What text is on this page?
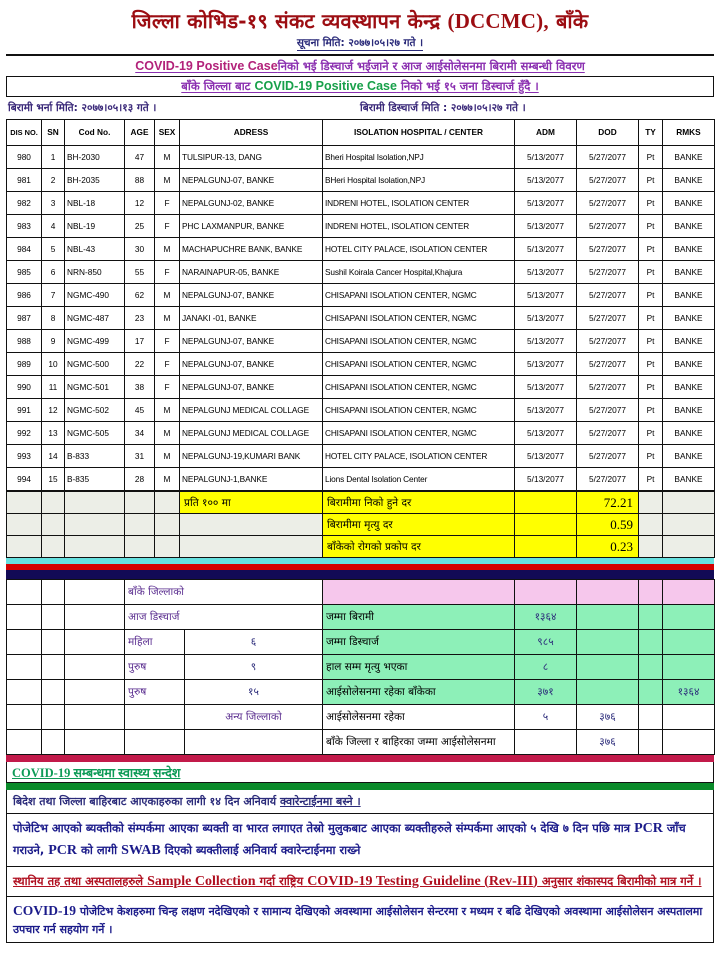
जिल्ला कोभिड-१९ संकट व्यवस्थापन केन्द्र (DCCMC), बाँके
सूचना मिति: २०७७।०५।२७ गते ।
COVID-19 Positive Caseनिको भई डिस्चार्ज भईजाने र आज आईसोलेसनमा बिरामी सम्बन्धी विवरण
बाँके जिल्ला बाट COVID-19 Positive Case निको भई १५ जना डिस्चार्ज हुँदै ।
बिरामी भर्ना मिति: २०७७।०५।१३ गते ।	बिरामी डिस्चार्ज मिति : २०७७।०५।२७ गते ।
DIS NO.	SN	Cod No.	AGE	SEX	ADRESS	ISOLATION HOSPITAL / CENTER	ADM	DOD	TY	RMKS
980	1	BH-2030	47	M	TULSIPUR-13, DANG	Bheri Hospital Isolation,NPJ	5/13/2077	5/27/2077	Pt	BANKE
981	2	BH-2035	88	M	NEPALGUNJ-07, BANKE	BHeri Hospital Isolation,NPJ	5/13/2077	5/27/2077	Pt	BANKE
982	3	NBL-18	12	F	NEPALGUNJ-02, BANKE	INDRENI HOTEL, ISOLATION CENTER	5/13/2077	5/27/2077	Pt	BANKE
983	4	NBL-19	25	F	PHC LAXMANPUR, BANKE	INDRENI HOTEL, ISOLATION CENTER	5/13/2077	5/27/2077	Pt	BANKE
984	5	NBL-43	30	M	MACHAPUCHRE BANK, BANKE	HOTEL CITY PALACE, ISOLATION CENTER	5/13/2077	5/27/2077	Pt	BANKE
985	6	NRN-850	55	F	NARAINAPUR-05, BANKE	Sushil Koirala Cancer Hospital,Khajura	5/13/2077	5/27/2077	Pt	BANKE
986	7	NGMC-490	62	M	NEPALGUNJ-07, BANKE	CHISAPANI ISOLATION CENTER, NGMC	5/13/2077	5/27/2077	Pt	BANKE
987	8	NGMC-487	23	M	JANAKI -01, BANKE	CHISAPANI ISOLATION CENTER, NGMC	5/13/2077	5/27/2077	Pt	BANKE
988	9	NGMC-499	17	F	NEPALGUNJ-07, BANKE	CHISAPANI ISOLATION CENTER, NGMC	5/13/2077	5/27/2077	Pt	BANKE
989	10	NGMC-500	22	F	NEPALGUNJ-07, BANKE	CHISAPANI ISOLATION CENTER, NGMC	5/13/2077	5/27/2077	Pt	BANKE
990	11	NGMC-501	38	F	NEPALGUNJ-07, BANKE	CHISAPANI ISOLATION CENTER, NGMC	5/13/2077	5/27/2077	Pt	BANKE
991	12	NGMC-502	45	M	NEPALGUNJ MEDICAL COLLAGE	CHISAPANI ISOLATION CENTER, NGMC	5/13/2077	5/27/2077	Pt	BANKE
992	13	NGMC-505	34	M	NEPALGUNJ MEDICAL COLLAGE	CHISAPANI ISOLATION CENTER, NGMC	5/13/2077	5/27/2077	Pt	BANKE
993	14	B-833	31	M	NEPALGUNJ-19,KUMARI BANK	HOTEL CITY PALACE, ISOLATION CENTER	5/13/2077	5/27/2077	Pt	BANKE
994	15	B-835	28	M	NEPALGUNJ-1,BANKE	Lions Dental Isolation Center	5/13/2077	5/27/2077	Pt	BANKE
					प्रति १०० मा	बिरामीमा निको हुने दर		72.21		
						बिरामीमा मृत्यु दर		0.59		
						बाँकेको रोगको प्रकोप दर		0.23		
			बाँके जिल्लाको						
			आज डिस्चार्ज		जम्मा बिरामी	१३६४			
			महिला	६	जम्मा डिस्चार्ज	९८५			
			पुरुष	९	हाल सम्म मृत्यु भएका	८			
			पुरुष	१५	आईसोलेसनमा रहेका बाँकेका	३७१			१३६४
				अन्य जिल्लाको	आईसोलेसनमा रहेका	५	३७६		
					बाँके जिल्ला र बाहिरका जम्मा आईसोलेसनमा		३७६		
COVID-19 सम्बन्धमा स्वास्थ्य सन्देश
बिदेश तथा जिल्ला बाहिरबाट आएकाहरुका लागी १४ दिन अनिवार्य क्वारेन्टाईनमा बस्ने ।
पोजेटिभ आएको ब्यक्तीको संम्पर्कमा आएका ब्यक्ती वा भारत लगाएत तेस्रो मुलुकबाट आएका ब्यक्तीहरुले संम्पर्कमा आएको ५ देखि ७ दिन पछि मात्र PCR जाँच गराउने, PCR को लागी SWAB दिएको ब्यक्तीलाई अनिवार्य क्वारेन्टाईनमा राख्ने
स्थानिय तह तथा अस्पतालहरुले Sample Collection गर्दा राष्ट्रिय COVID-19 Testing Guideline (Rev-III) अनुसार शंकास्पद बिरामीको मात्र गर्ने ।
COVID-19 पोजेटिभ केशहरुमा चिन्ह लक्षण नदेखिएको र सामान्य देखिएको अवस्थामा आईसोलेसन सेन्टरमा र मध्यम र बढि देखिएको अवस्थामा आईसोलेसन अस्पतालमा उपचार गर्न सहयोग गर्ने ।
